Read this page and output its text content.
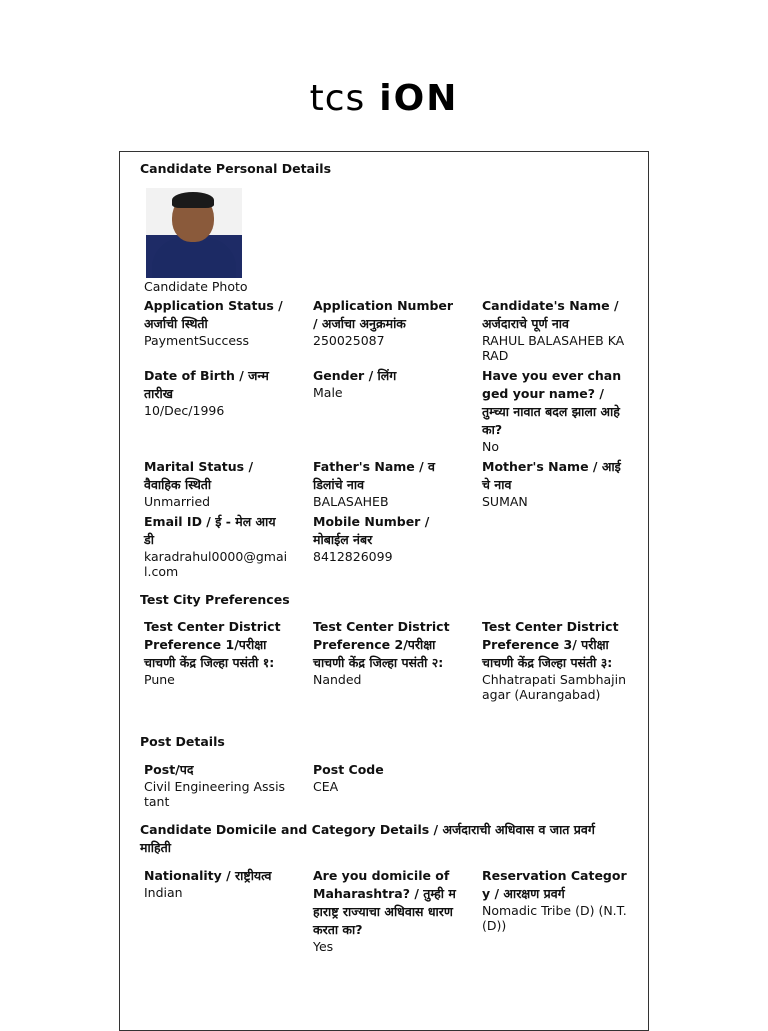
tcs iON
Candidate Personal Details
Candidate Photo
Application Status / अर्जाची स्थिती
PaymentSuccess
Application Number / अर्जाचा अनुक्रमांक
250025087
Candidate's Name / अर्जदाराचे पूर्ण नाव
RAHUL BALASAHEB KARAD
Date of Birth / जन्म तारीख
10/Dec/1996
Gender / लिंग
Male
Have you ever changed your name? / तुम्च्या नावात बदल झाला आहे का?
No
Marital Status / वैवाहिक स्थिती
Unmarried
Father's Name / वडिलांचे नाव
BALASAHEB
Mother's Name / आईचे नाव
SUMAN
Email ID / ई - मेल आय डी
karadrahul0000@gmail.com
Mobile Number / मोबाईल नंबर
8412826099
Test City Preferences
Test Center District Preference 1/परीक्षा चाचणी केंद्र जिल्हा पसंती १:
Pune
Test Center District Preference 2/परीक्षा चाचणी केंद्र जिल्हा पसंती २:
Nanded
Test Center District Preference 3/ परीक्षा चाचणी केंद्र जिल्हा पसंती ३:
Chhatrapati Sambhajinagar (Aurangabad)
Post Details
Post/पद
Civil Engineering Assistant
Post Code
CEA
Candidate Domicile and Category Details / अर्जदाराची अधिवास व जात प्रवर्ग माहिती
Nationality / राष्ट्रीयत्व
Indian
Are you domicile of Maharashtra? / तुम्ही महाराष्ट्र राज्याचा अधिवास धारण करता का?
Yes
Reservation Category / आरक्षण प्रवर्ग
Nomadic Tribe (D) (N.T.(D))
